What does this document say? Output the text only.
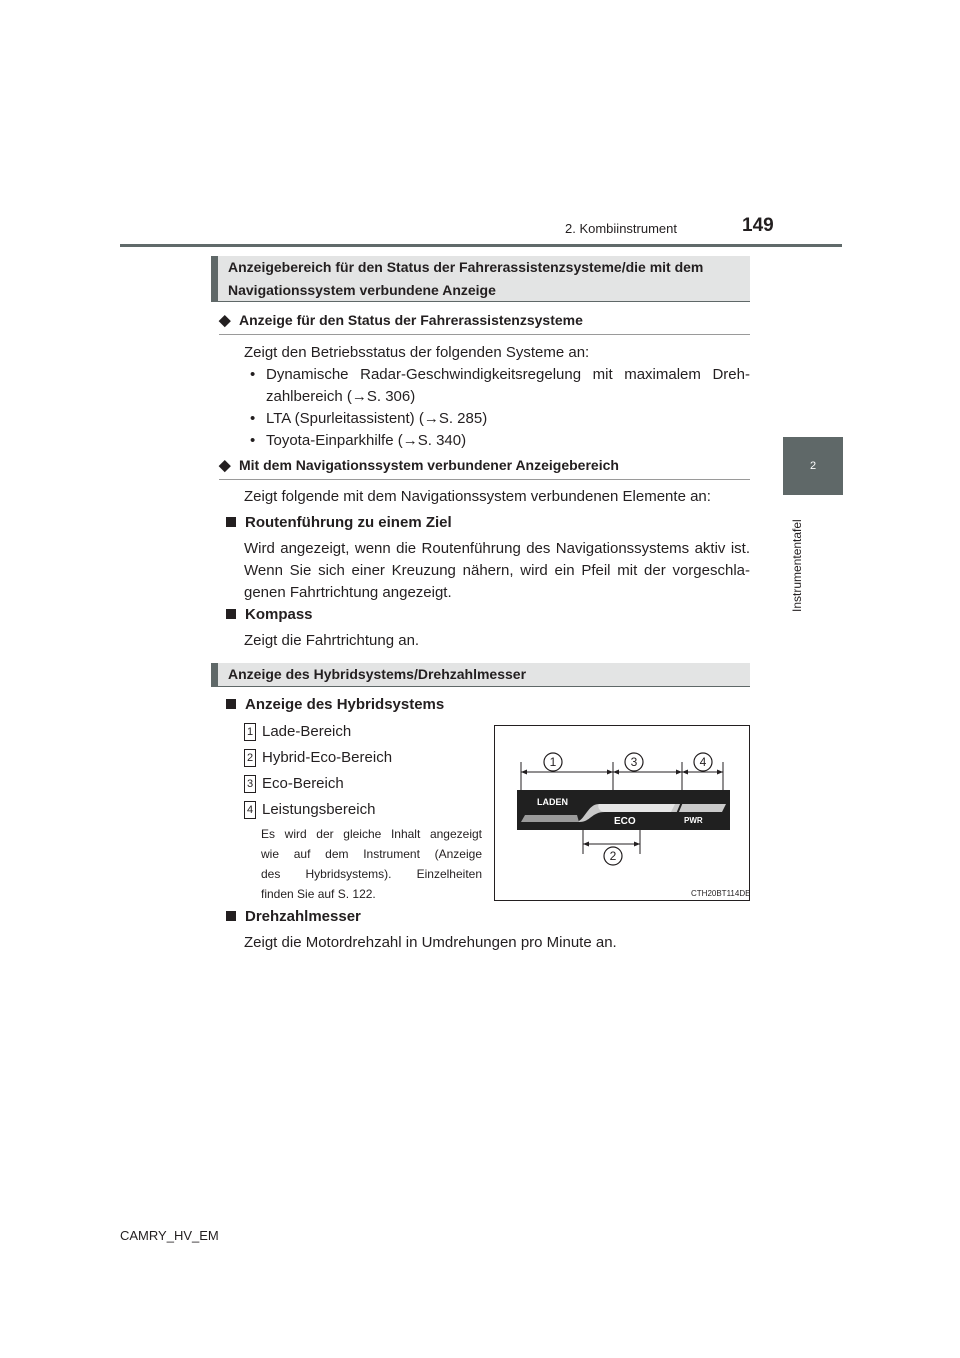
2. Kombiinstrument	149
2
Instrumententafel
Anzeigebereich für den Status der Fahrerassistenzsysteme/die mit dem
Navigationssystem verbundene Anzeige
◆ Anzeige für den Status der Fahrerassistenzsysteme
Zeigt den Betriebsstatus der folgenden Systeme an:
• Dynamische Radar-Geschwindigkeitsregelung mit maximalem Dreh-
zahlbereich (→S. 306)
• LTA (Spurleitassistent) (→S. 285)
• Toyota-Einparkhilfe (→S. 340)
◆ Mit dem Navigationssystem verbundener Anzeigebereich
Zeigt folgende mit dem Navigationssystem verbundenen Elemente an:
Routenführung zu einem Ziel
Wird angezeigt, wenn die Routenführung des Navigationssystems aktiv ist.
Wenn Sie sich einer Kreuzung nähern, wird ein Pfeil mit der vorgeschla-
genen Fahrtrichtung angezeigt.
Kompass
Zeigt die Fahrtrichtung an.
Anzeige des Hybridsystems/Drehzahlmesser
Anzeige des Hybridsystems
1 Lade-Bereich
2 Hybrid-Eco-Bereich
3 Eco-Bereich
4 Leistungsbereich
Es wird der gleiche Inhalt angezeigt
wie auf dem Instrument (Anzeige
des Hybridsystems). Einzelheiten
finden Sie auf S. 122.
1	3	4
2
LADEN
ECO	PWR
CTH20BT114DE
Drehzahlmesser
Zeigt die Motordrehzahl in Umdrehungen pro Minute an.
CAMRY_HV_EM
